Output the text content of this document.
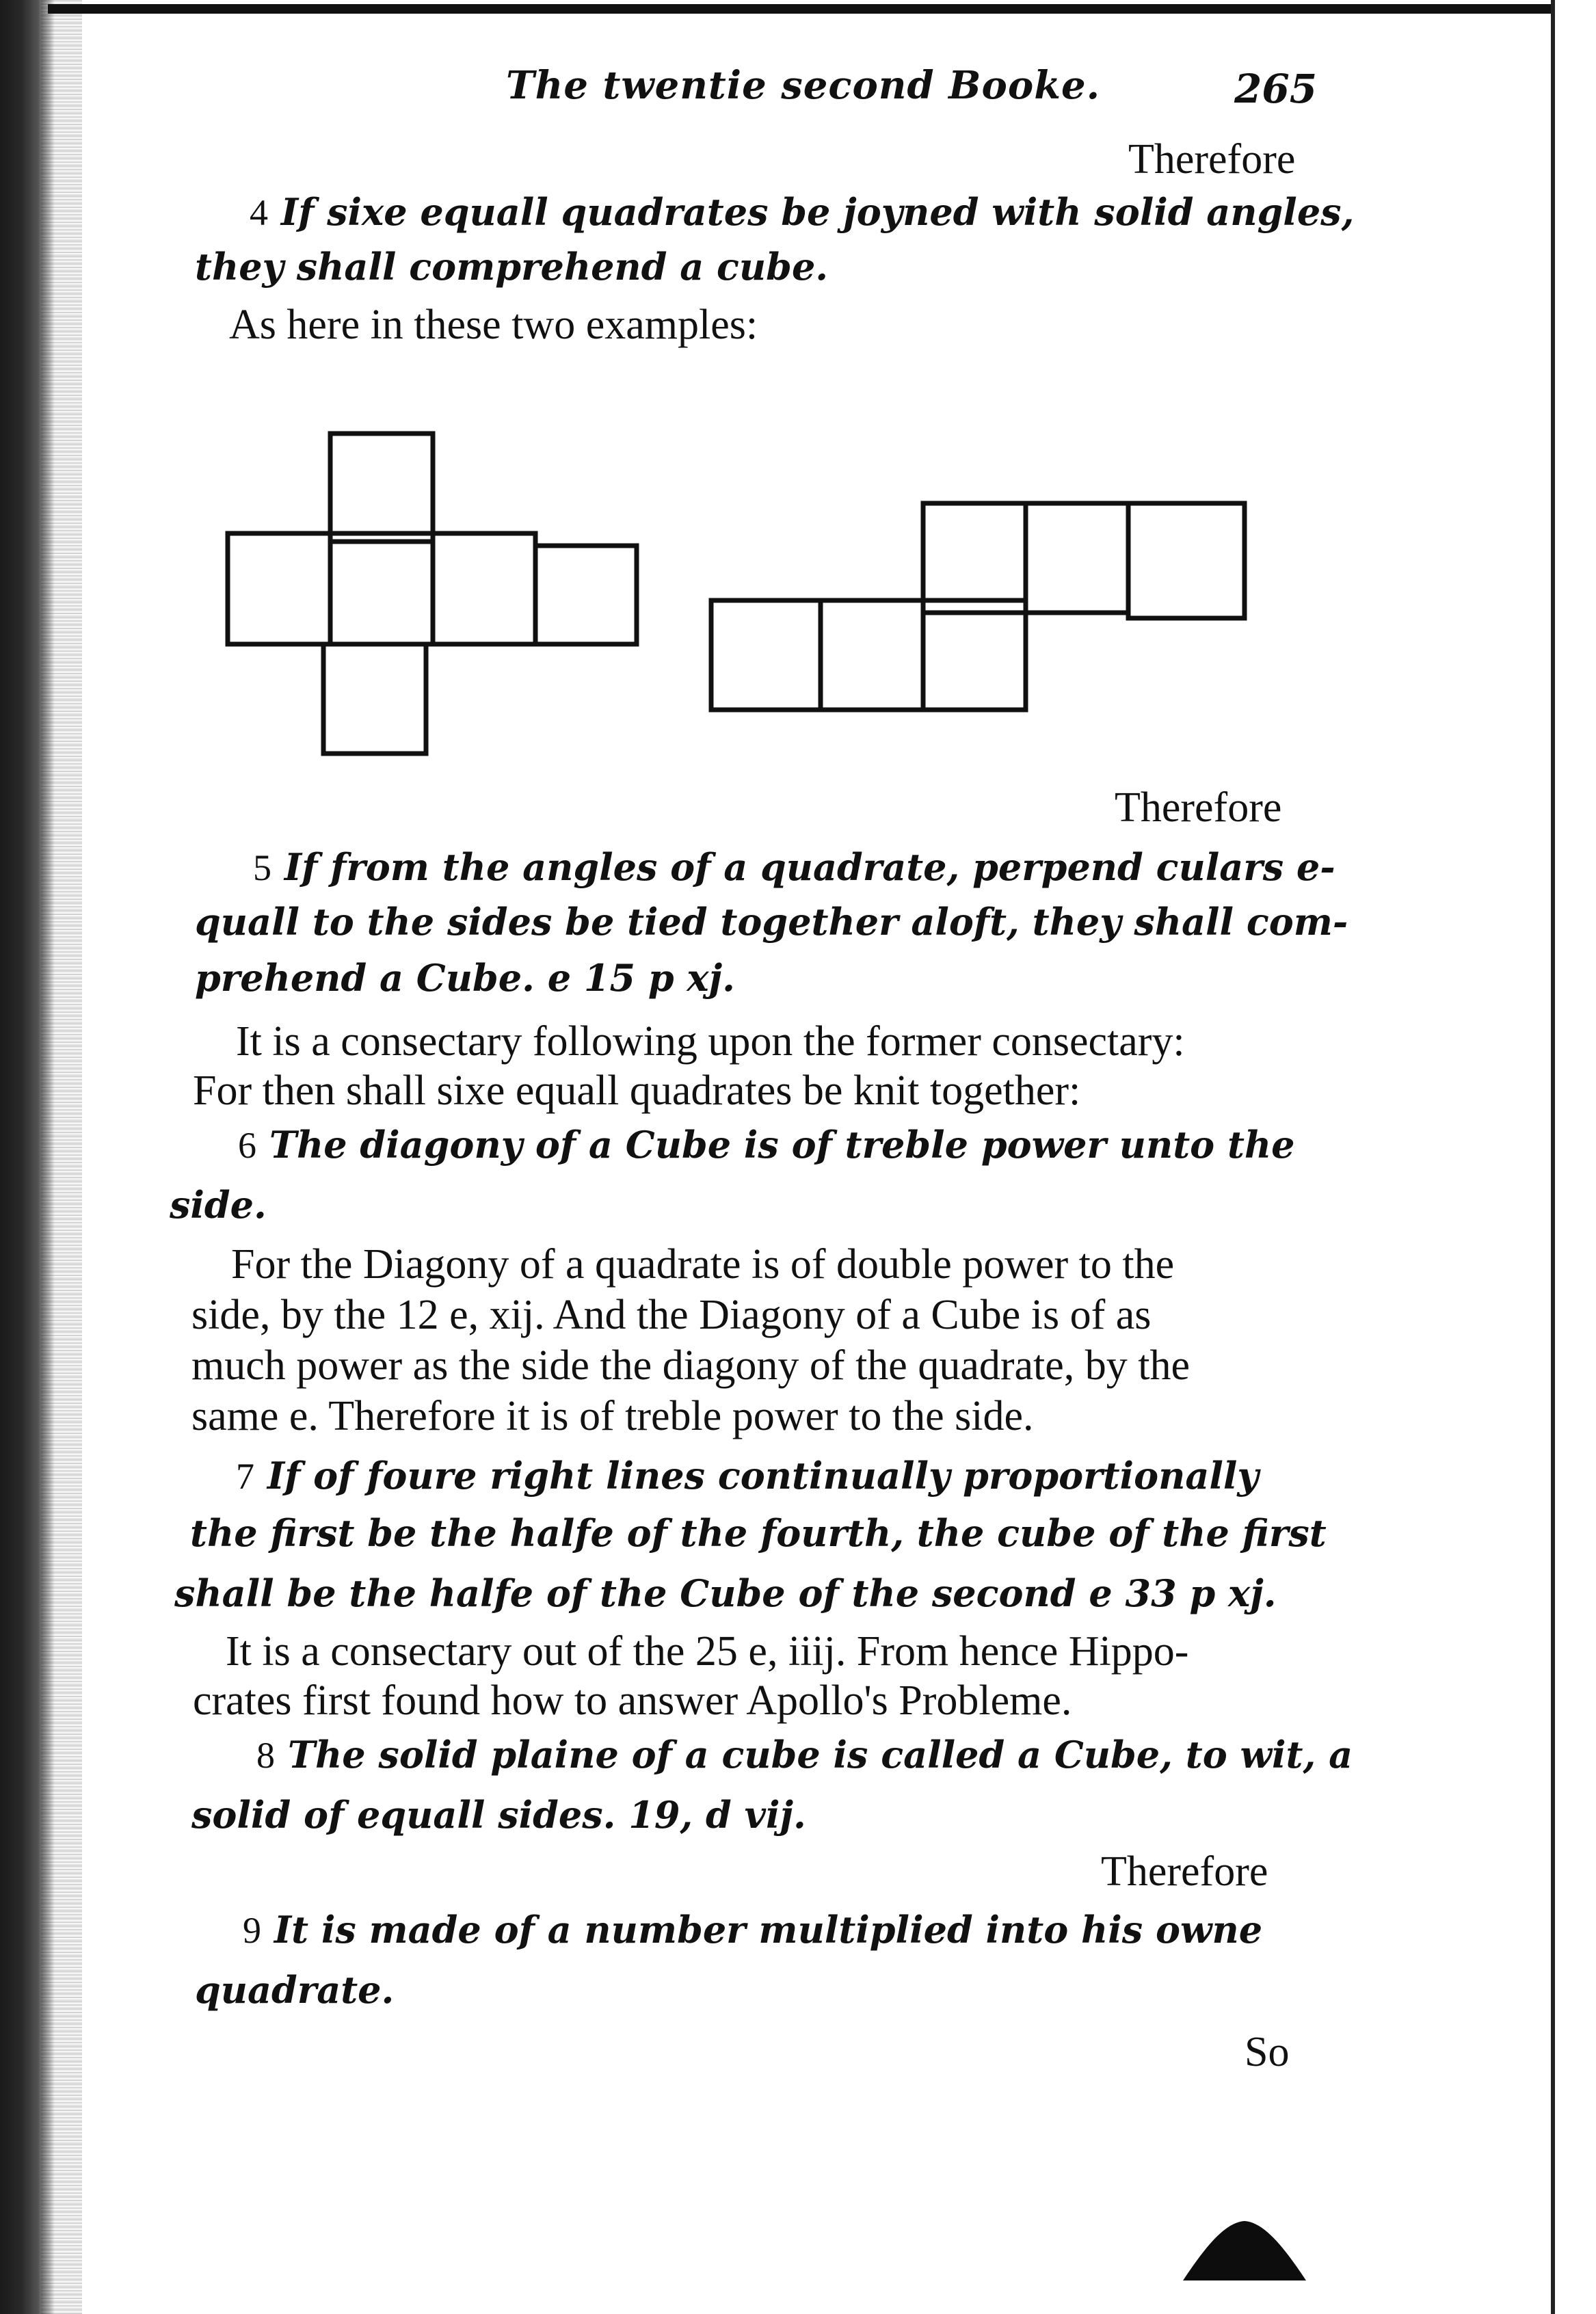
The twentie second Booke.	265
Therefore
4 If sixe equall quadrates be joyned with solid angles,
they shall comprehend a cube.
As here in these two examples:
Therefore
5 If from the angles of a quadrate, perpend culars e-
quall to the sides be tied together aloft, they shall com-
prehend a Cube. e 15 p xj.
It is a consectary following upon the former consectary:
For then shall sixe equall quadrates be knit together:
6 The diagony of a Cube is of treble power unto the
side.
For the Diagony of a quadrate is of double power to the
side, by the 12 e, xij. And the Diagony of a Cube is of as
much power as the side the diagony of the quadrate, by the
same e. Therefore it is of treble power to the side.
7 If of foure right lines continually proportionally
the first be the halfe of the fourth, the cube of the first
shall be the halfe of the Cube of the second e 33 p xj.
It is a consectary out of the 25 e, iiij. From hence Hippo-
crates first found how to answer Apollo's Probleme.
8 The solid plaine of a cube is called a Cube, to wit, a
solid of equall sides. 19, d vij.
Therefore
9 It is made of a number multiplied into his owne
quadrate.
So
